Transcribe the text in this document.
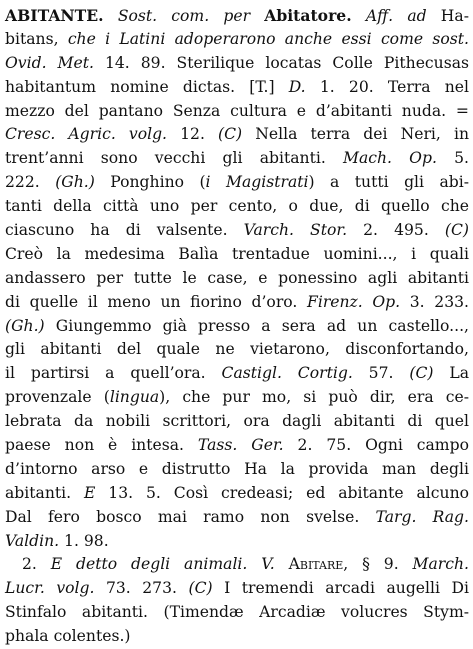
ABITANTE. Sost. com. per Abitatore. Aff. ad Ha-
bitans, che i Latini adoperarono anche essi come sost.
Ovid. Met. 14. 89. Sterilique locatas Colle Pithecusas
habitantum nomine dictas. [T.] D. 1. 20. Terra nel
mezzo del pantano Senza cultura e d’abitanti nuda. =
Cresc. Agric. volg. 12. (C) Nella terra dei Neri, in
trent’anni sono vecchi gli abitanti. Mach. Op. 5.
222. (Gh.) Ponghino (i Magistrati) a tutti gli abi-
tanti della città uno per cento, o due, di quello che
ciascuno ha di valsente. Varch. Stor. 2. 495. (C)
Creò la medesima Balìa trentadue uomini..., i quali
andassero per tutte le case, e ponessino agli abitanti
di quelle il meno un fiorino d’oro. Firenz. Op. 3. 233.
(Gh.) Giungemmo già presso a sera ad un castello...,
gli abitanti del quale ne vietarono, disconfortando,
il partirsi a quell’ora. Castigl. Cortig. 57. (C) La
provenzale (lingua), che pur mo, si può dir, era ce-
lebrata da nobili scrittori, ora dagli abitanti di quel
paese non è intesa. Tass. Ger. 2. 75. Ogni campo
d’intorno arso e distrutto Ha la provida man degli
abitanti. E 13. 5. Così credeasi; ed abitante alcuno
Dal fero bosco mai ramo non svelse. Targ. Rag.
Valdin. 1. 98.
2. E detto degli animali. V. Abitare, § 9. March.
Lucr. volg. 73. 273. (C) I tremendi arcadi augelli Di
Stinfalo abitanti. (Timendæ Arcadiæ volucres Stym-
phala colentes.)
